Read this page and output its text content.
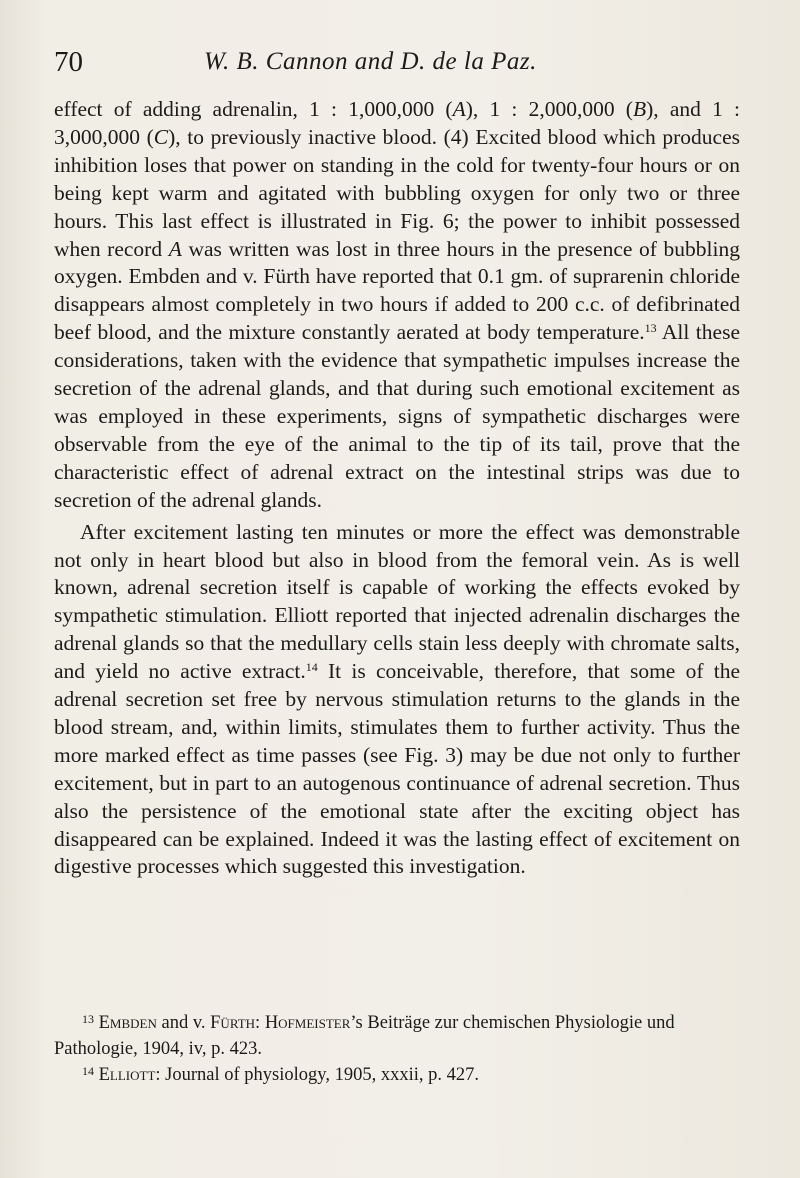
70	W. B. Cannon and D. de la Paz.

effect of adding adrenalin, 1 : 1,000,000 (A), 1 : 2,000,000 (B), and 1 : 3,000,000 (C), to previously inactive blood. (4) Excited blood which produces inhibition loses that power on standing in the cold for twenty-four hours or on being kept warm and agitated with bubbling oxygen for only two or three hours. This last effect is illustrated in Fig. 6; the power to inhibit possessed when record A was written was lost in three hours in the presence of bubbling oxygen. Embden and v. Fürth have reported that 0.1 gm. of suprarenin chloride disappears almost completely in two hours if added to 200 c.c. of defibrinated beef blood, and the mixture constantly aerated at body temperature.$^{13}$ All these considerations, taken with the evidence that sympathetic impulses increase the secretion of the adrenal glands, and that during such emotional excitement as was employed in these experiments, signs of sympathetic discharges were observable from the eye of the animal to the tip of its tail, prove that the characteristic effect of adrenal extract on the intestinal strips was due to secretion of the adrenal glands.

After excitement lasting ten minutes or more the effect was demonstrable not only in heart blood but also in blood from the femoral vein. As is well known, adrenal secretion itself is capable of working the effects evoked by sympathetic stimulation. Elliott reported that injected adrenalin discharges the adrenal glands so that the medullary cells stain less deeply with chromate salts, and yield no active extract.$^{14}$ It is conceivable, therefore, that some of the adrenal secretion set free by nervous stimulation returns to the glands in the blood stream, and, within limits, stimulates them to further activity. Thus the more marked effect as time passes (see Fig. 3) may be due not only to further excitement, but in part to an autogenous continuance of adrenal secretion. Thus also the persistence of the emotional state after the exciting object has disappeared can be explained. Indeed it was the lasting effect of excitement on digestive processes which suggested this investigation.

$^{13}$ Embden and v. Fürth: Hofmeister’s Beiträge zur chemischen Physiologie und Pathologie, 1904, iv, p. 423.

$^{14}$ Elliott: Journal of physiology, 1905, xxxii, p. 427.
